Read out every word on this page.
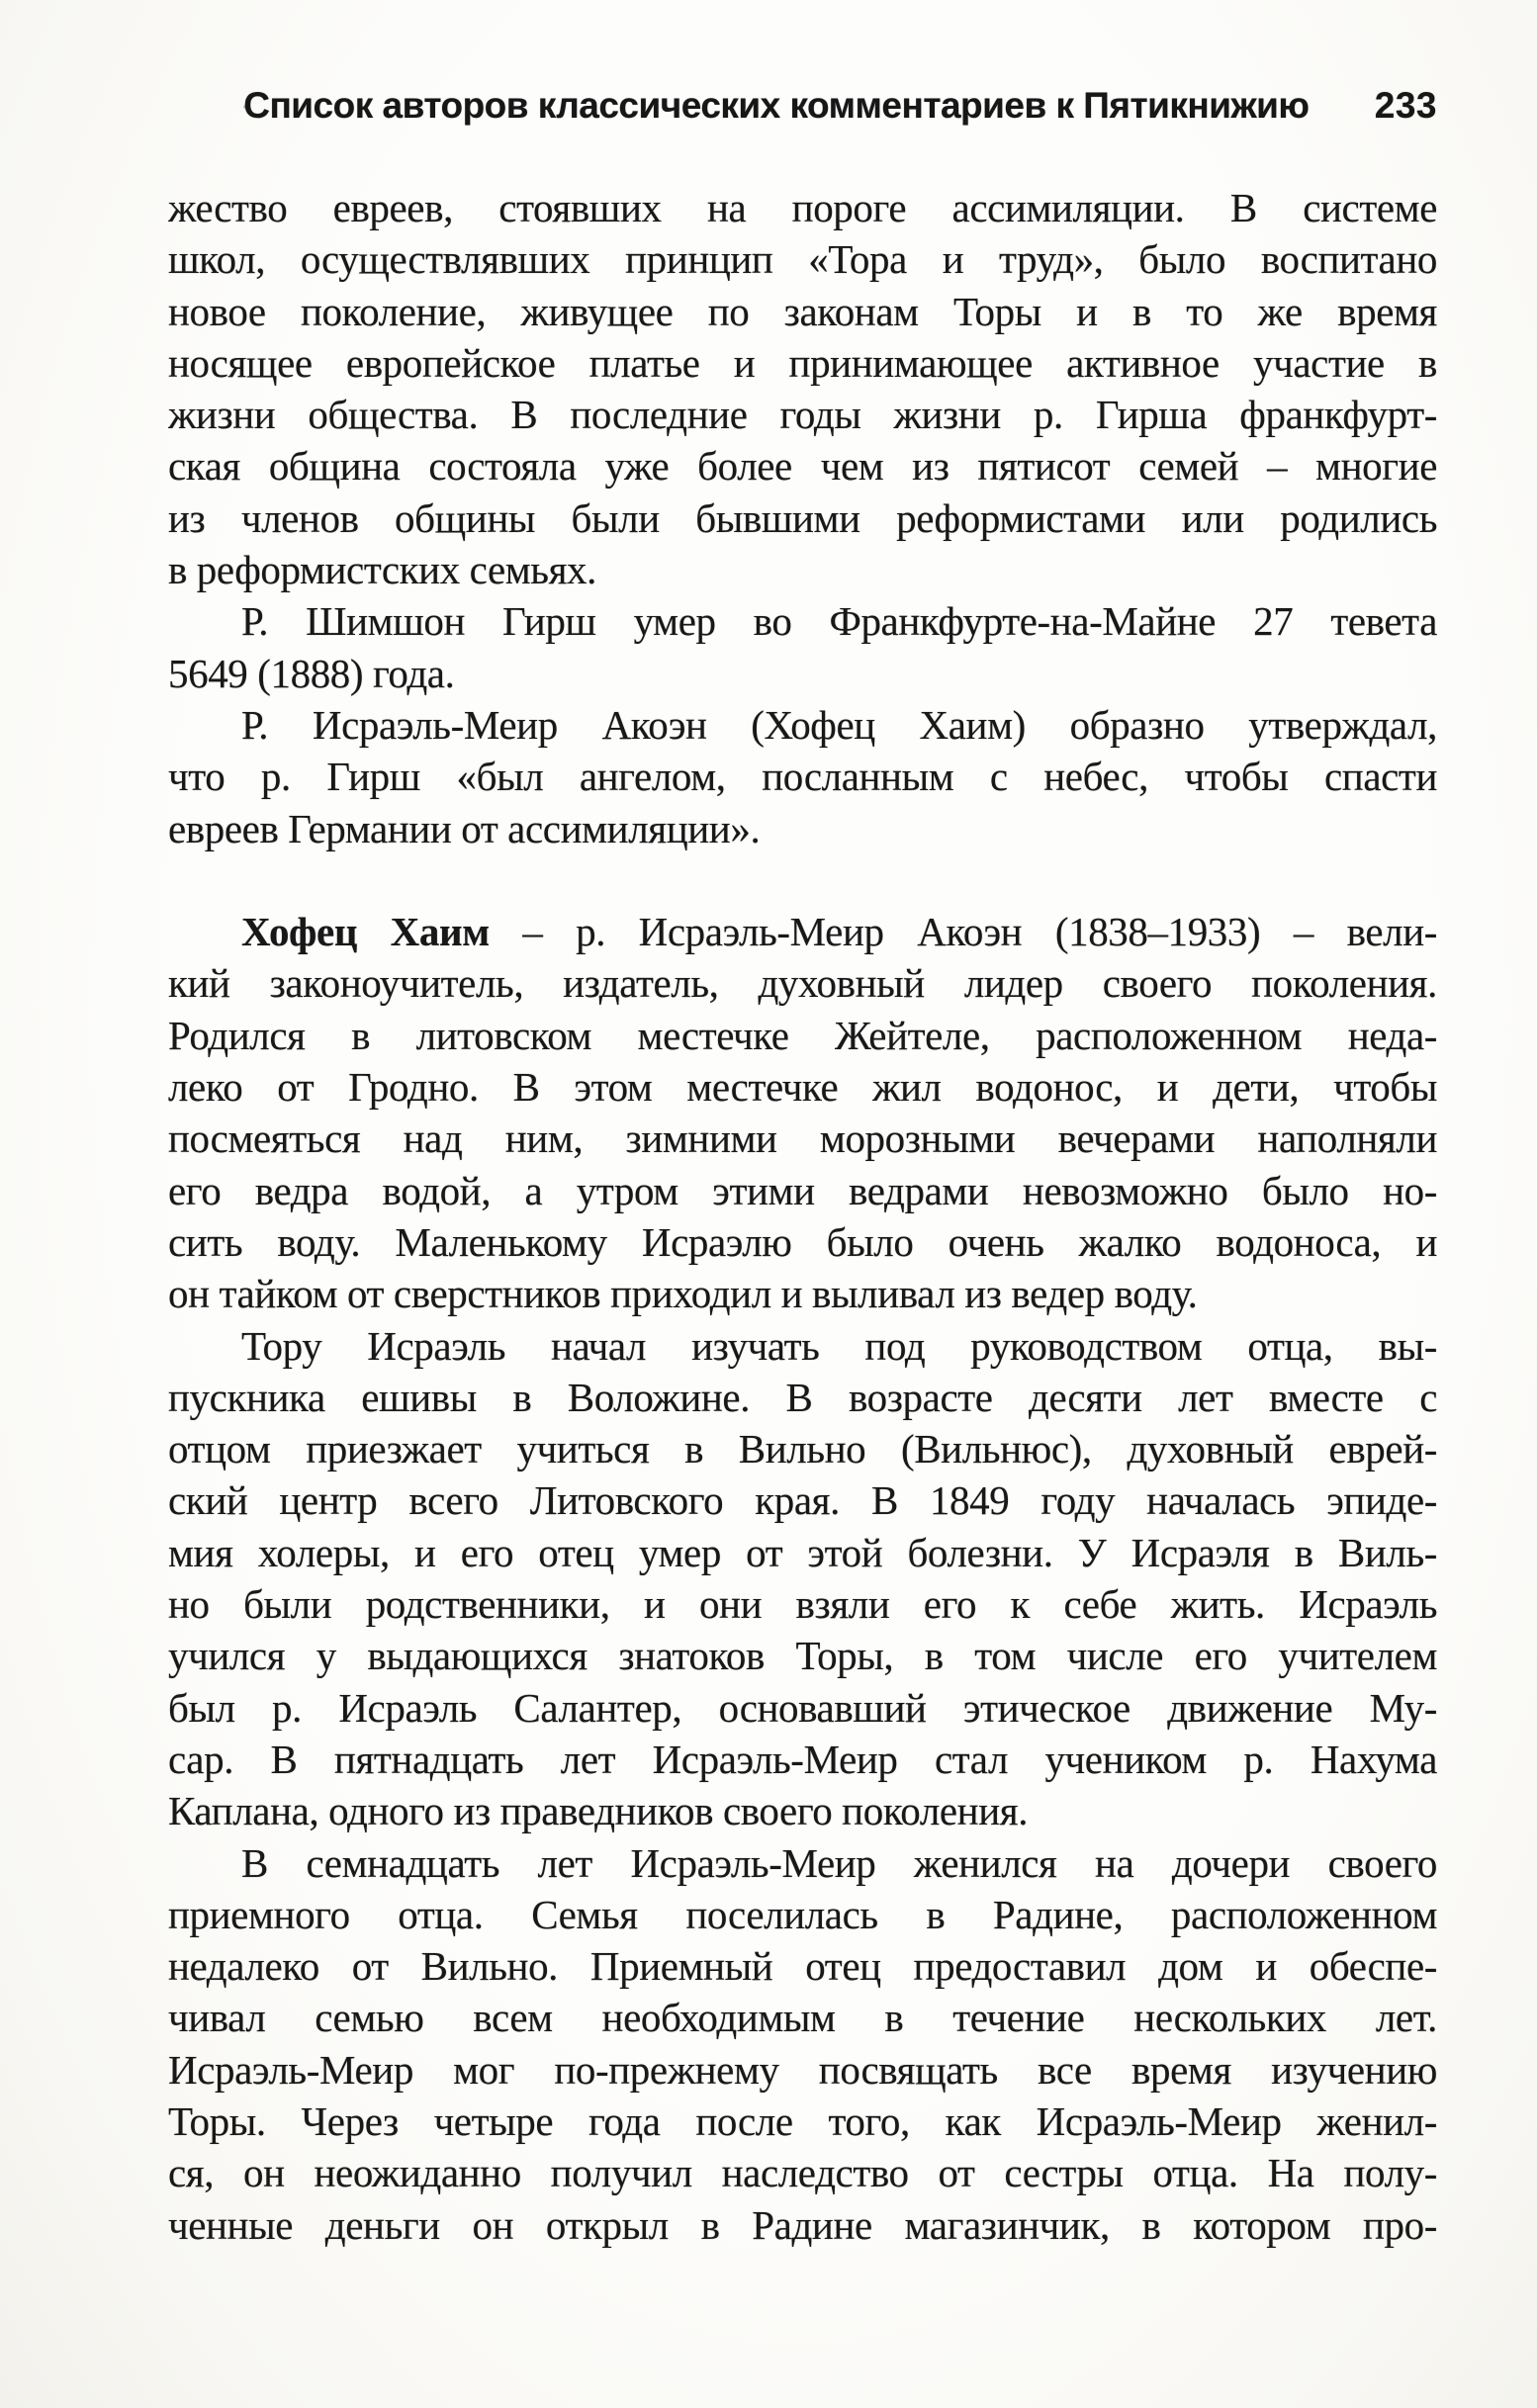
Список авторов классических комментариев к Пятикнижию	233
жество евреев, стоявших на пороге ассимиляции. В системе
школ, осуществлявших принцип «Тора и труд», было воспитано
новое поколение, живущее по законам Торы и в то же время
носящее европейское платье и принимающее активное участие в
жизни общества. В последние годы жизни р. Гирша франкфурт-
ская община состояла уже более чем из пятисот семей – многие
из членов общины были бывшими реформистами или родились
в реформистских семьях.
Р. Шимшон Гирш умер во Франкфурте-на-Майне 27 тевета
5649 (1888) года.
Р. Исраэль-Меир Акоэн (Хофец Хаим) образно утверждал,
что р. Гирш «был ангелом, посланным с небес, чтобы спасти
евреев Германии от ассимиляции».
Хофец Хаим – р. Исраэль-Меир Акоэн (1838–1933) – вели-
кий законоучитель, издатель, духовный лидер своего поколения.
Родился в литовском местечке Жейтеле, расположенном неда-
леко от Гродно. В этом местечке жил водонос, и дети, чтобы
посмеяться над ним, зимними морозными вечерами наполняли
его ведра водой, а утром этими ведрами невозможно было но-
сить воду. Маленькому Исраэлю было очень жалко водоноса, и
он тайком от сверстников приходил и выливал из ведер воду.
Тору Исраэль начал изучать под руководством отца, вы-
пускника ешивы в Воложине. В возрасте десяти лет вместе с
отцом приезжает учиться в Вильно (Вильнюс), духовный еврей-
ский центр всего Литовского края. В 1849 году началась эпиде-
мия холеры, и его отец умер от этой болезни. У Исраэля в Виль-
но были родственники, и они взяли его к себе жить. Исраэль
учился у выдающихся знатоков Торы, в том числе его учителем
был р. Исраэль Салантер, основавший этическое движение Му-
сар. В пятнадцать лет Исраэль-Меир стал учеником р. Нахума
Каплана, одного из праведников своего поколения.
В семнадцать лет Исраэль-Меир женился на дочери своего
приемного отца. Семья поселилась в Радине, расположенном
недалеко от Вильно. Приемный отец предоставил дом и обеспе-
чивал семью всем необходимым в течение нескольких лет.
Исраэль-Меир мог по-прежнему посвящать все время изучению
Торы. Через четыре года после того, как Исраэль-Меир женил-
ся, он неожиданно получил наследство от сестры отца. На полу-
ченные деньги он открыл в Радине магазинчик, в котором про-
